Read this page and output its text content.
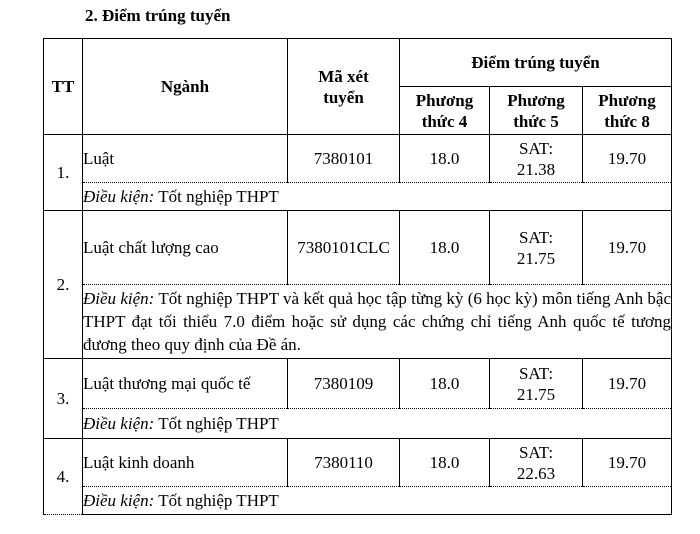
2. Điểm trúng tuyển
TT	Ngành	Mã xét tuyển	Điểm trúng tuyển		
			Phương thức 4	Phương thức 5	Phương thức 8
1.	Luật	7380101	18.0	SAT: 21.38	19.70
	Điều kiện: Tốt nghiệp THPT				
2.	Luật chất lượng cao	7380101CLC	18.0	SAT: 21.75	19.70
	Điều kiện: Tốt nghiệp THPT và kết quả học tập từng kỳ (6 học kỳ) môn tiếng Anh bậc THPT đạt tối thiểu 7.0 điểm hoặc sử dụng các chứng chỉ tiếng Anh quốc tế tương đương theo quy định của Đề án.				
3.	Luật thương mại quốc tế	7380109	18.0	SAT: 21.75	19.70
	Điều kiện: Tốt nghiệp THPT				
4.	Luật kinh doanh	7380110	18.0	SAT: 22.63	19.70
	Điều kiện: Tốt nghiệp THPT				
